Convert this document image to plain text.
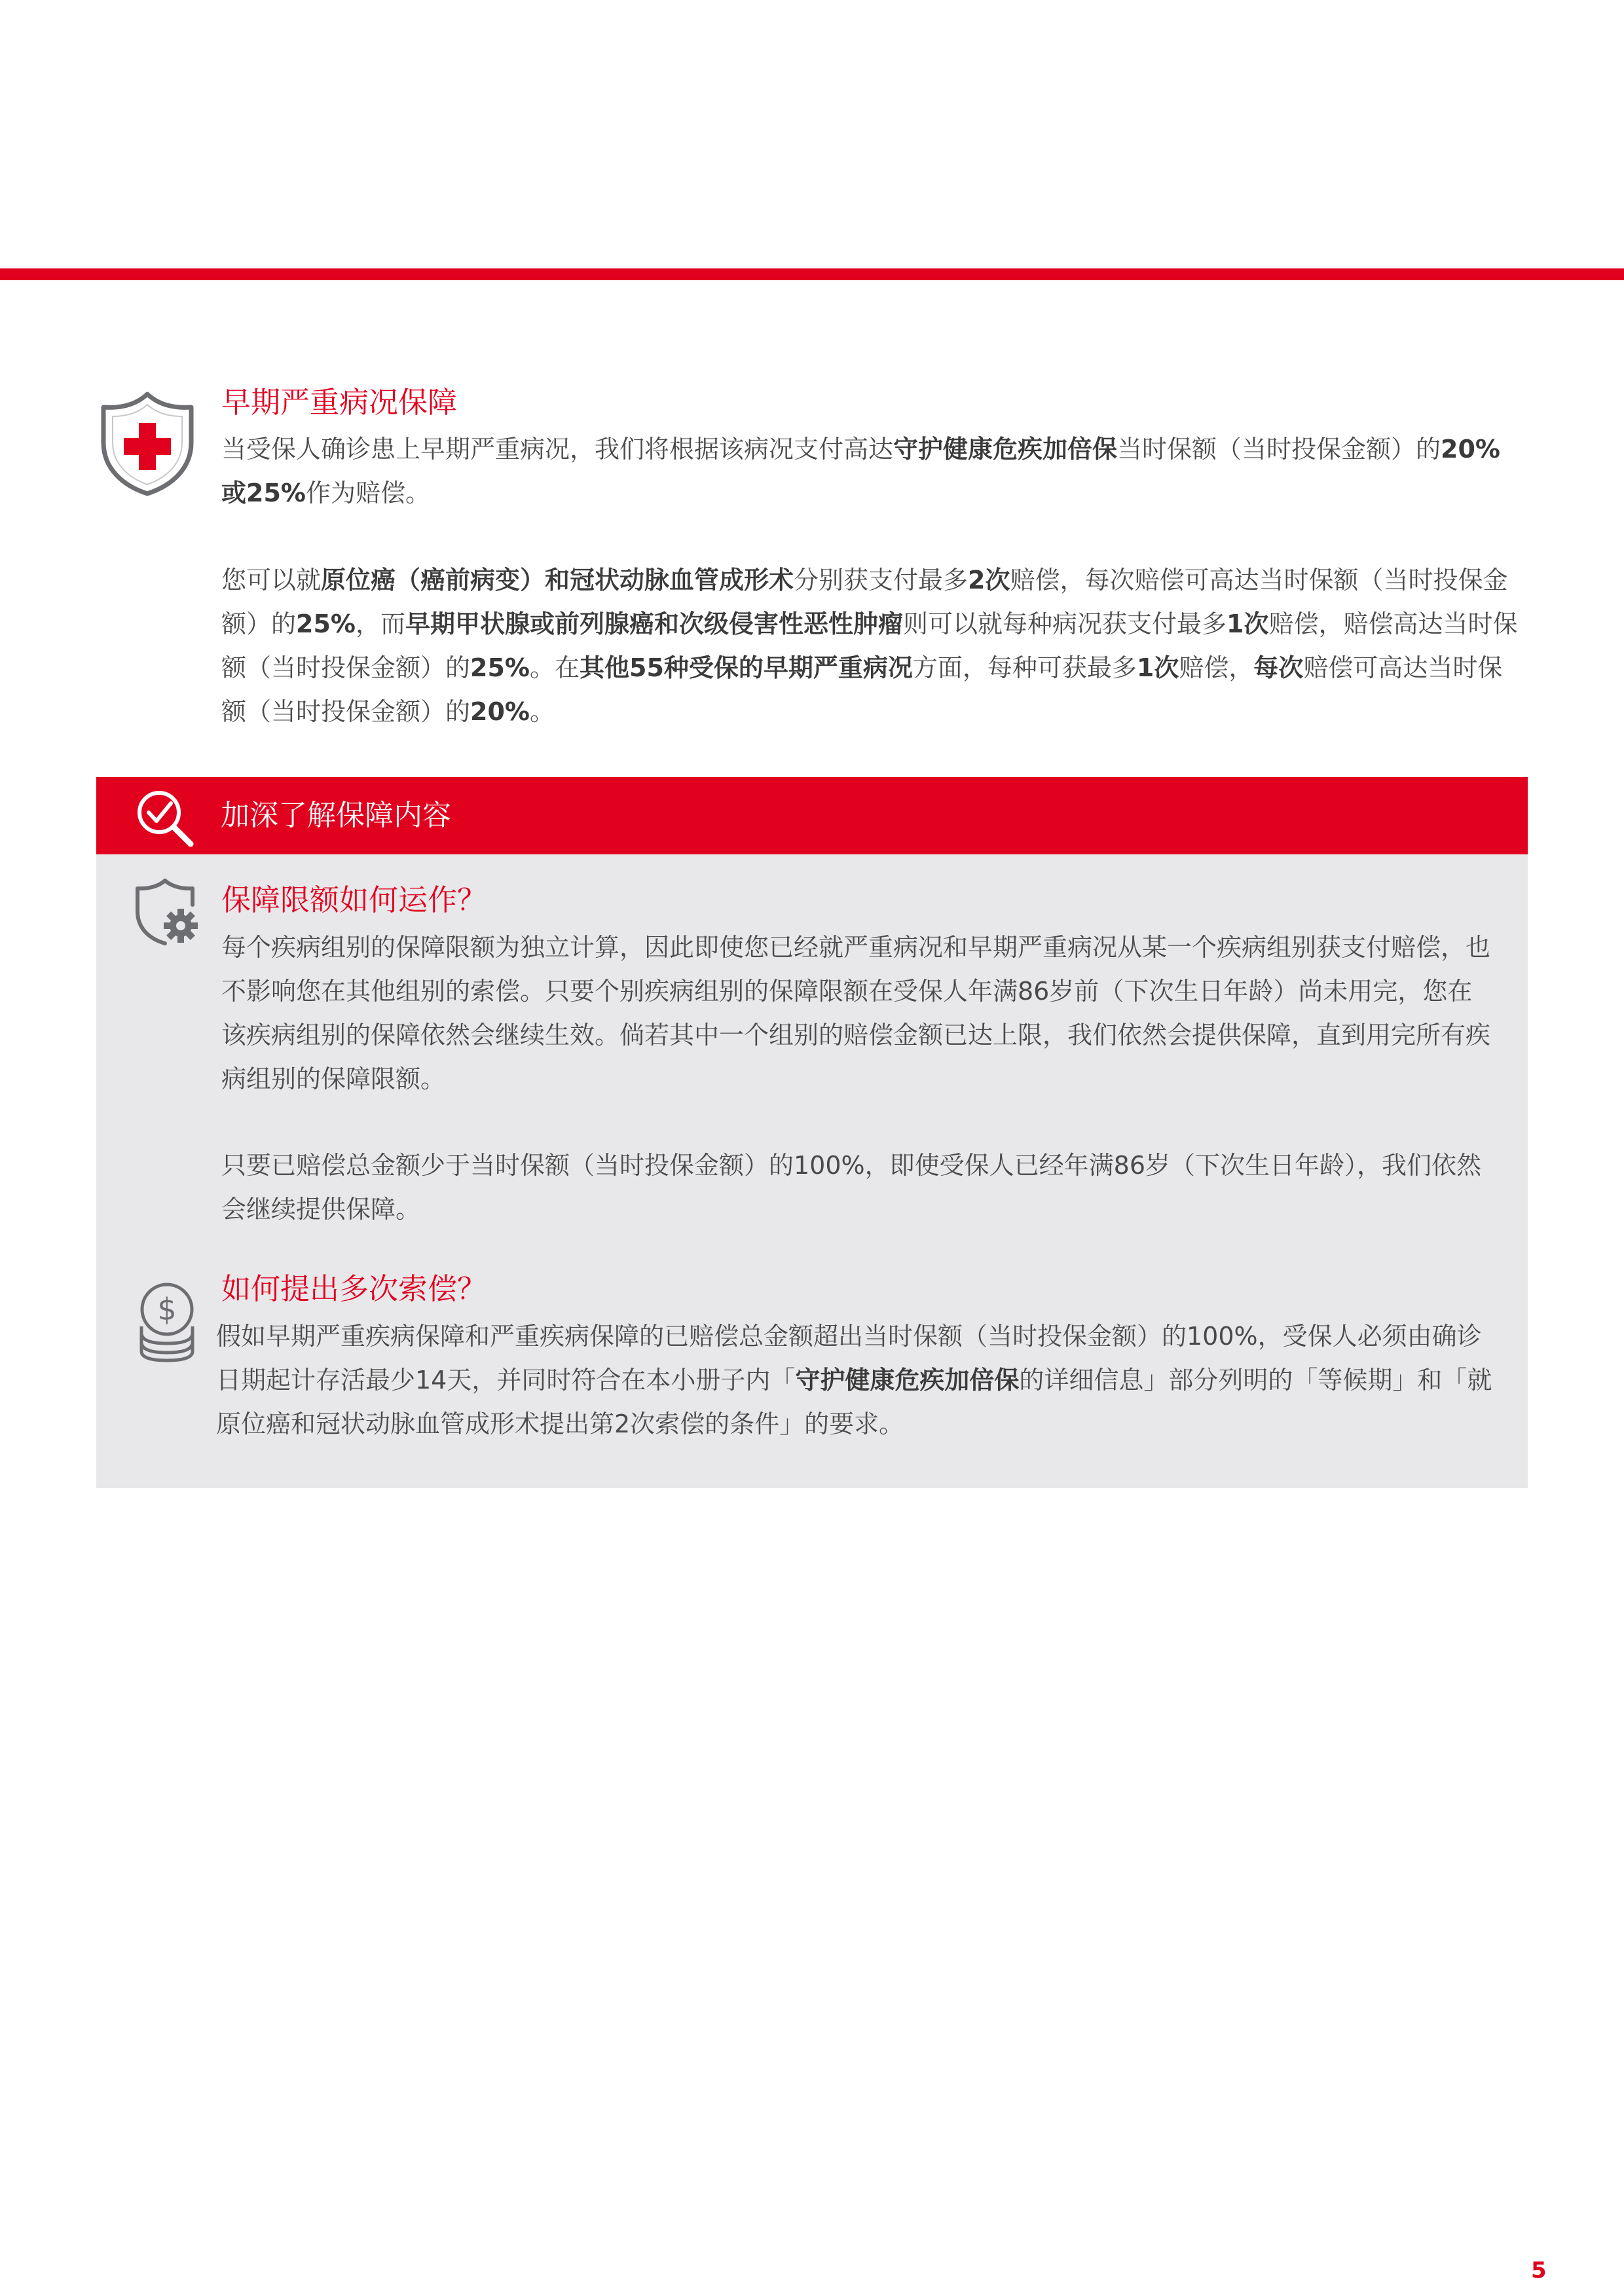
早期严重病况保障

当受保人确诊患上早期严重病况，我们将根据该病况支付高达守护健康危疾加倍保当时保额（当时投保金额）的20%或25%作为赔偿。

您可以就原位癌（癌前病变）和冠状动脉血管成形术分别获支付最多2次赔偿，每次赔偿可高达当时保额（当时投保金额）的25%，而早期甲状腺或前列腺癌和次级侵害性恶性肿瘤则可以就每种病况获支付最多1次赔偿，赔偿高达当时保额（当时投保金额）的25%。在其他55种受保的早期严重病况方面，每种可获最多1次赔偿，每次赔偿可高达当时保额（当时投保金额）的20%。

加深了解保障内容
保障限额如何运作？

每个疾病组别的保障限额为独立计算，因此即使您已经就严重病况和早期严重病况从某一个疾病组别获支付赔偿，也不影响您在其他组别的索偿。只要个别疾病组别的保障限额在受保人年满86岁前（下次生日年龄）尚未用完，您在该疾病组别的保障依然会继续生效。倘若其中一个组别的赔偿金额已达上限，我们依然会提供保障，直到用完所有疾病组别的保障限额。

只要已赔偿总金额少于当时保额（当时投保金额）的100%，即使受保人已经年满86岁（下次生日年龄），我们依然会继续提供保障。

$
如何提出多次索偿？

假如早期严重疾病保障和严重疾病保障的已赔偿总金额超出当时保额（当时投保金额）的100%，受保人必须由确诊日期起计存活最少14天，并同时符合在本小册子内「守护健康危疾加倍保的详细信息」部分列明的「等候期」和「就原位癌和冠状动脉血管成形术提出第2次索偿的条件」的要求。

5
